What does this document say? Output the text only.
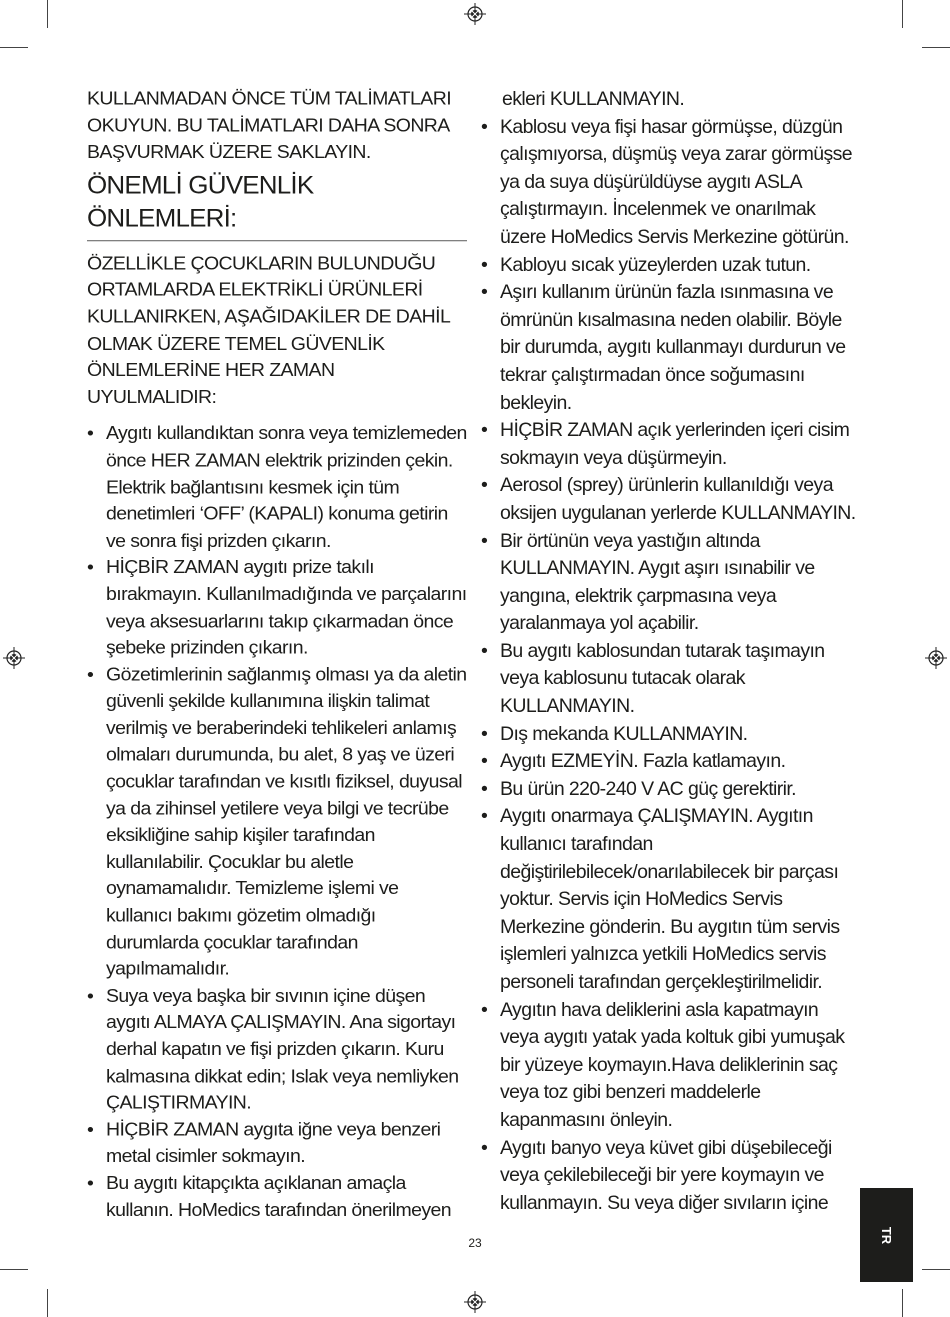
KULLANMADAN ÖNCE TÜM TALİMATLARI OKUYUN. BU TALİMATLARI DAHA SONRA BAŞVURMAK ÜZERE SAKLAYIN.

ÖNEMLİ GÜVENLİK ÖNLEMLERİ:

ÖZELLİKLE ÇOCUKLARIN BULUNDUĞU ORTAMLARDA ELEKTRİKLİ ÜRÜNLERİ KULLANIRKEN, AŞAĞIDAKİLER DE DAHİL OLMAK ÜZERE TEMEL GÜVENLİK ÖNLEMLERİNE HER ZAMAN UYULMALIDIR:

• Aygıtı kullandıktan sonra veya temizlemeden önce HER ZAMAN elektrik prizinden çekin. Elektrik bağlantısını kesmek için tüm denetimleri ‘OFF’ (KAPALI) konuma getirin ve sonra fişi prizden çıkarın.
• HİÇBİR ZAMAN aygıtı prize takılı bırakmayın. Kullanılmadığında ve parçalarını veya aksesuarlarını takıp çıkarmadan önce şebeke prizinden çıkarın.
• Gözetimlerinin sağlanmış olması ya da aletin güvenli şekilde kullanımına ilişkin talimat verilmiş ve beraberindeki tehlikeleri anlamış olmaları durumunda, bu alet, 8 yaş ve üzeri çocuklar tarafından ve kısıtlı fiziksel, duyusal ya da zihinsel yetilere veya bilgi ve tecrübe eksikliğine sahip kişiler tarafından kullanılabilir. Çocuklar bu aletle oynamamalıdır. Temizleme işlemi ve kullanıcı bakımı gözetim olmadığı durumlarda çocuklar tarafından yapılmamalıdır.
• Suya veya başka bir sıvının içine düşen aygıtı ALMAYA ÇALIŞMAYIN. Ana sigortayı derhal kapatın ve fişi prizden çıkarın. Kuru kalmasına dikkat edin; Islak veya nemliyken ÇALIŞTIRMAYIN.
• HİÇBİR ZAMAN aygıta iğne veya benzeri metal cisimler sokmayın.
• Bu aygıtı kitapçıkta açıklanan amaçla kullanın. HoMedics tarafından önerilmeyen

ekleri KULLANMAYIN.

• Kablosu veya fişi hasar görmüşse, düzgün çalışmıyorsa, düşmüş veya zarar görmüşse ya da suya düşürüldüyse aygıtı ASLA çalıştırmayın. İncelenmek ve onarılmak üzere HoMedics Servis Merkezine götürün.
• Kabloyu sıcak yüzeylerden uzak tutun.
• Aşırı kullanım ürünün fazla ısınmasına ve ömrünün kısalmasına neden olabilir. Böyle bir durumda, aygıtı kullanmayı durdurun ve tekrar çalıştırmadan önce soğumasını bekleyin.
• HİÇBİR ZAMAN açık yerlerinden içeri cisim sokmayın veya düşürmeyin.
• Aerosol (sprey) ürünlerin kullanıldığı veya oksijen uygulanan yerlerde KULLANMAYIN.
• Bir örtünün veya yastığın altında KULLANMAYIN. Aygıt aşırı ısınabilir ve yangına, elektrik çarpmasına veya yaralanmaya yol açabilir.
• Bu aygıtı kablosundan tutarak taşımayın veya kablosunu tutacak olarak KULLANMAYIN.
• Dış mekanda KULLANMAYIN.
• Aygıtı EZMEYİN. Fazla katlamayın.
• Bu ürün 220-240 V AC güç gerektirir.
• Aygıtı onarmaya ÇALIŞMAYIN. Aygıtın kullanıcı tarafından değiştirilebilecek/onarılabilecek bir parçası yoktur. Servis için HoMedics Servis Merkezine gönderin. Bu aygıtın tüm servis işlemleri yalnızca yetkili HoMedics servis personeli tarafından gerçekleştirilmelidir.
• Aygıtın hava deliklerini asla kapatmayın veya aygıtı yatak yada koltuk gibi yumuşak bir yüzeye koymayın.Hava deliklerinin saç veya toz gibi benzeri maddelerle kapanmasını önleyin.
• Aygıtı banyo veya küvet gibi düşebileceği veya çekilebileceği bir yere koymayın ve kullanmayın. Su veya diğer sıvıların içine
23	TR
